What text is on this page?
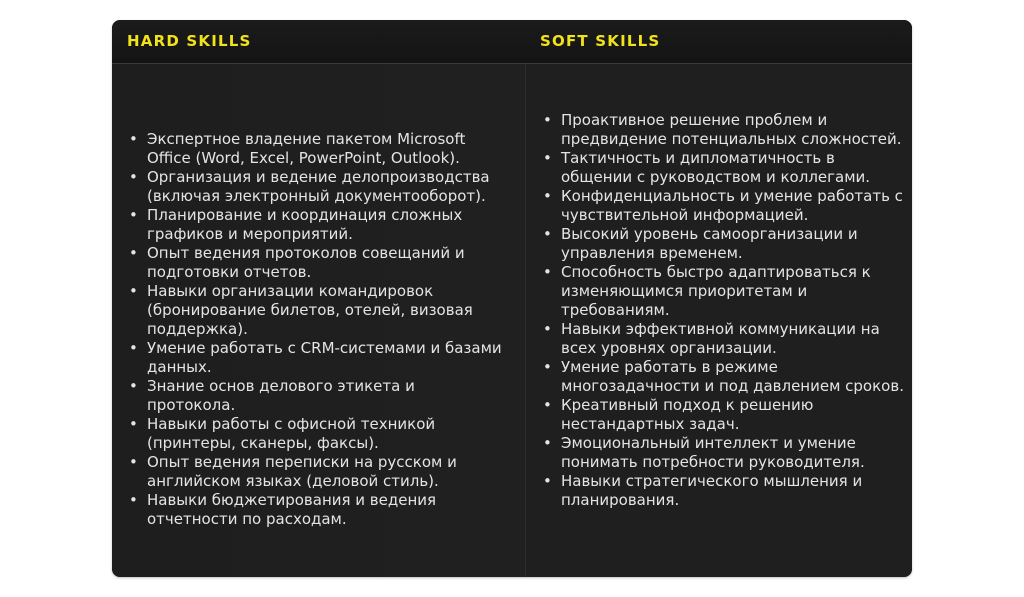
HARD SKILLS	SOFT SKILLS
• Экспертное владение пакетом Microsoft Office (Word, Excel, PowerPoint, Outlook).
• Организация и ведение делопроизводства (включая электронный документооборот).
• Планирование и координация сложных графиков и мероприятий.
• Опыт ведения протоколов совещаний и подготовки отчетов.
• Навыки организации командировок (бронирование билетов, отелей, визовая поддержка).
• Умение работать с CRM-системами и базами данных.
• Знание основ делового этикета и протокола.
• Навыки работы с офисной техникой (принтеры, сканеры, факсы).
• Опыт ведения переписки на русском и английском языках (деловой стиль).
• Навыки бюджетирования и ведения отчетности по расходам.
• Проактивное решение проблем и предвидение потенциальных сложностей.
• Тактичность и дипломатичность в общении с руководством и коллегами.
• Конфиденциальность и умение работать с чувствительной информацией.
• Высокий уровень самоорганизации и управления временем.
• Способность быстро адаптироваться к изменяющимся приоритетам и требованиям.
• Навыки эффективной коммуникации на всех уровнях организации.
• Умение работать в режиме многозадачности и под давлением сроков.
• Креативный подход к решению нестандартных задач.
• Эмоциональный интеллект и умение понимать потребности руководителя.
• Навыки стратегического мышления и планирования.
